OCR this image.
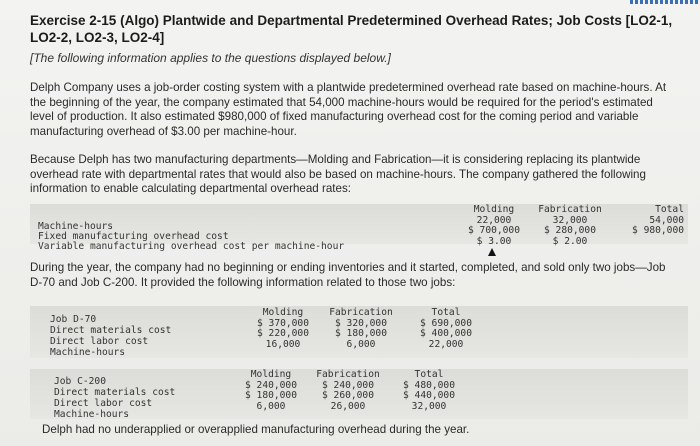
Exercise 2-15 (Algo) Plantwide and Departmental Predetermined Overhead Rates; Job Costs [LO2-1, LO2-2, LO2-3, LO2-4]
[The following information applies to the questions displayed below.]
Delph Company uses a job-order costing system with a plantwide predetermined overhead rate based on machine-hours. At the beginning of the year, the company estimated that 54,000 machine-hours would be required for the period's estimated level of production. It also estimated $980,000 of fixed manufacturing overhead cost for the coming period and variable manufacturing overhead of $3.00 per machine-hour.
Because Delph has two manufacturing departments—Molding and Fabrication—it is considering replacing its plantwide overhead rate with departmental rates that would also be based on machine-hours. The company gathered the following information to enable calculating departmental overhead rates:
Machine-hours
Fixed manufacturing overhead cost
Variable manufacturing overhead cost per machine-hour
Molding
22,000
$ 700,000
$ 3.00
Fabrication
32,000
$ 280,000
$ 2.00
Total
54,000
$ 980,000
During the year, the company had no beginning or ending inventories and it started, completed, and sold only two jobs—Job D-70 and Job C-200. It provided the following information related to those two jobs:
Job D-70
Direct materials cost
Direct labor cost
Machine-hours
Molding
$ 370,000
$ 220,000
16,000
Fabrication
$ 320,000
$ 180,000
6,000
Total
$ 690,000
$ 400,000
22,000
Job C-200
Direct materials cost
Direct labor cost
Machine-hours
Molding
$ 240,000
$ 180,000
6,000
Fabrication
$ 240,000
$ 260,000
26,000
Total
$ 480,000
$ 440,000
32,000
Delph had no underapplied or overapplied manufacturing overhead during the year.
